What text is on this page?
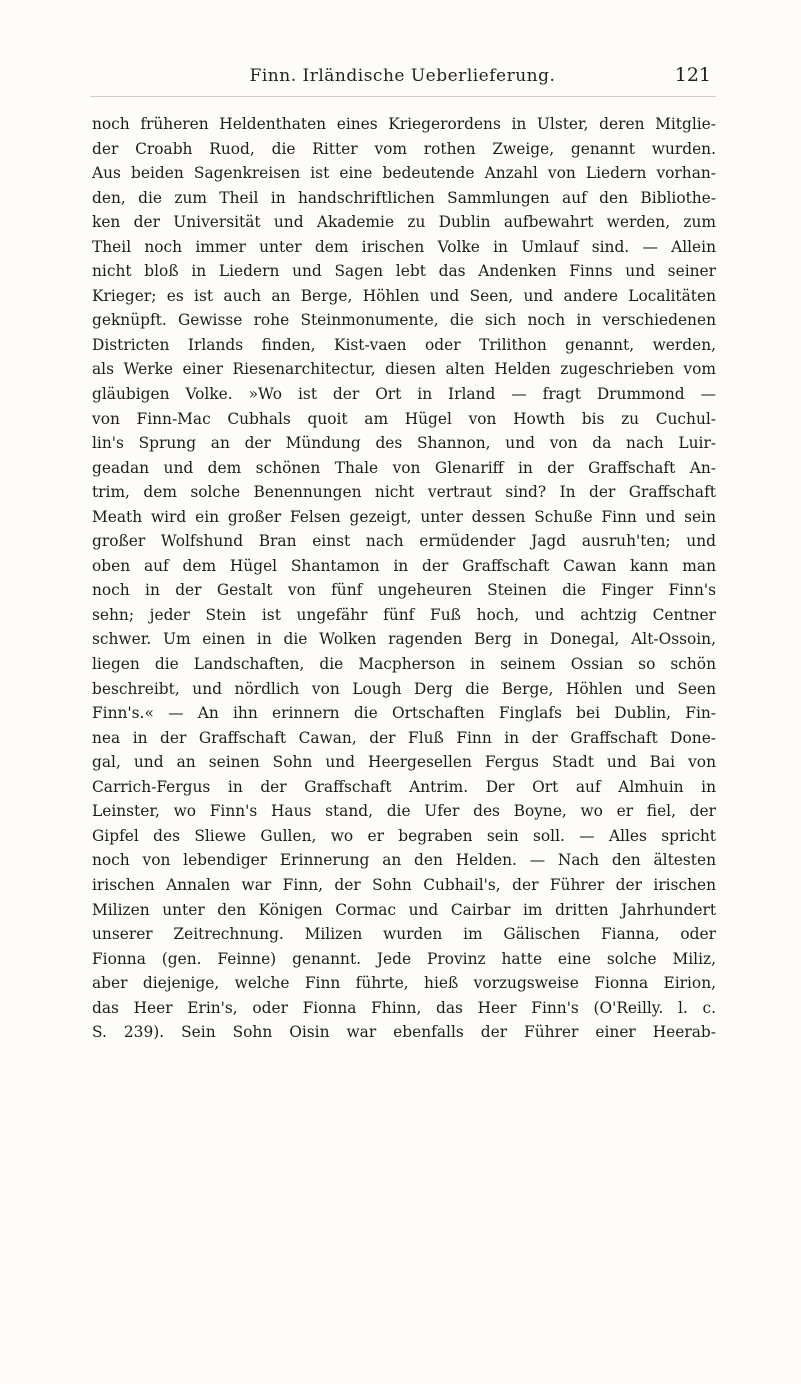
Finn. Irländische Ueberlieferung.	121
noch früheren Heldenthaten eines Kriegerordens in Ulster, deren Mitglie-
der Croabh Ruod, die Ritter vom rothen Zweige, genannt wurden.
Aus beiden Sagenkreisen ist eine bedeutende Anzahl von Liedern vorhan-
den, die zum Theil in handschriftlichen Sammlungen auf den Bibliothe-
ken der Universität und Akademie zu Dublin aufbewahrt werden, zum
Theil noch immer unter dem irischen Volke in Umlauf sind. — Allein
nicht bloß in Liedern und Sagen lebt das Andenken Finns und seiner
Krieger; es ist auch an Berge, Höhlen und Seen, und andere Localitäten
geknüpft. Gewisse rohe Steinmonumente, die sich noch in verschiedenen
Districten Irlands finden, Kist-vaen oder Trilithon genannt, werden,
als Werke einer Riesenarchitectur, diesen alten Helden zugeschrieben vom
gläubigen Volke. »Wo ist der Ort in Irland — fragt Drummond —
von Finn-Mac Cubhals quoit am Hügel von Howth bis zu Cuchul-
lin's Sprung an der Mündung des Shannon, und von da nach Luir-
geadan und dem schönen Thale von Glenariff in der Graffschaft An-
trim, dem solche Benennungen nicht vertraut sind? In der Graffschaft
Meath wird ein großer Felsen gezeigt, unter dessen Schuße Finn und sein
großer Wolfshund Bran einst nach ermüdender Jagd ausruh'ten; und
oben auf dem Hügel Shantamon in der Graffschaft Cawan kann man
noch in der Gestalt von fünf ungeheuren Steinen die Finger Finn's
sehn; jeder Stein ist ungefähr fünf Fuß hoch, und achtzig Centner
schwer. Um einen in die Wolken ragenden Berg in Donegal, Alt-Ossoin,
liegen die Landschaften, die Macpherson in seinem Ossian so schön
beschreibt, und nördlich von Lough Derg die Berge, Höhlen und Seen
Finn's.« — An ihn erinnern die Ortschaften Finglafs bei Dublin, Fin-
nea in der Graffschaft Cawan, der Fluß Finn in der Graffschaft Done-
gal, und an seinen Sohn und Heergesellen Fergus Stadt und Bai von
Carrich-Fergus in der Graffschaft Antrim. Der Ort auf Almhuin in
Leinster, wo Finn's Haus stand, die Ufer des Boyne, wo er fiel, der
Gipfel des Sliewe Gullen, wo er begraben sein soll. — Alles spricht
noch von lebendiger Erinnerung an den Helden. — Nach den ältesten
irischen Annalen war Finn, der Sohn Cubhail's, der Führer der irischen
Milizen unter den Königen Cormac und Cairbar im dritten Jahrhundert
unserer Zeitrechnung. Milizen wurden im Gälischen Fianna, oder
Fionna (gen. Feinne) genannt. Jede Provinz hatte eine solche Miliz,
aber diejenige, welche Finn führte, hieß vorzugsweise Fionna Eirion,
das Heer Erin's, oder Fionna Fhinn, das Heer Finn's (O'Reilly. l. c.
S. 239). Sein Sohn Oisin war ebenfalls der Führer einer Heerab-
